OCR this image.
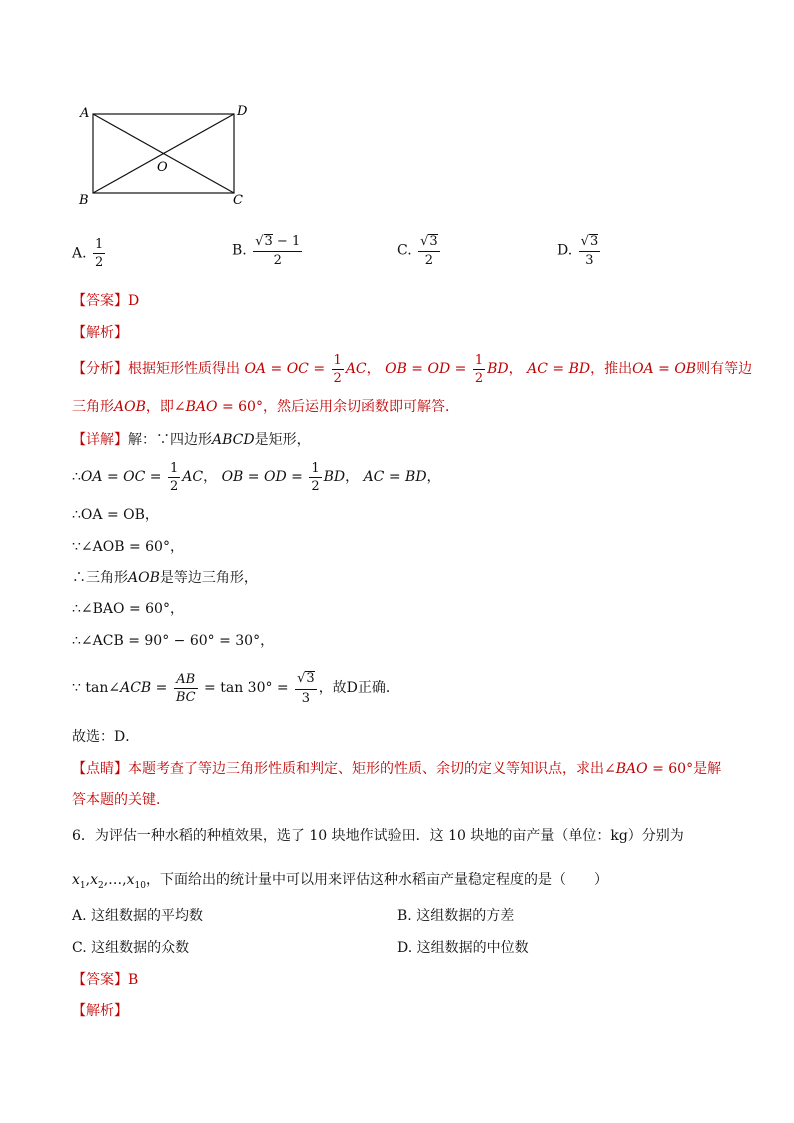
A	D
B	C
O
A. $\frac{1}{2}$	B. $\frac{√3 - 1}{2}$	C. $\frac{√3}{2}$	D. $\frac{√3}{3}$
【答案】D
【解析】
【分析】根据矩形性质得出 OA = OC = $\frac{1}{2}$ AC， OB = OD = $\frac{1}{2}$ BD， AC = BD，推出OA = OB则有等边
三角形AOB，即∠BAO = 60°，然后运用余切函数即可解答．
【详解】解：∵四边形ABCD是矩形，
∴OA = OC = $\frac{1}{2}$ AC， OB = OD = $\frac{1}{2}$ BD， AC = BD，
∴OA = OB，
∵∠AOB = 60°，
∴三角形AOB是等边三角形，
∴∠BAO = 60°，
∴∠ACB = 90° − 60° = 30°，
∵ tan∠ACB = $\frac{AB}{BC} = \tan 30^\circ = \frac{√3}{3}$ ，故D正确．
故选：D．
【点睛】本题考查了等边三角形性质和判定、矩形的性质、余切的定义等知识点，求出∠BAO = 60°是解
答本题的关键．
6．为评估一种水稻的种植效果，选了 10 块地作试验田．这 10 块地的亩产量（单位：kg）分别为
$x_1,x_2,\dots,x_{10}$，下面给出的统计量中可以用来评估这种水稻亩产量稳定程度的是（　　）
A. 这组数据的平均数	B. 这组数据的方差
C. 这组数据的众数	D. 这组数据的中位数
【答案】B
【解析】
